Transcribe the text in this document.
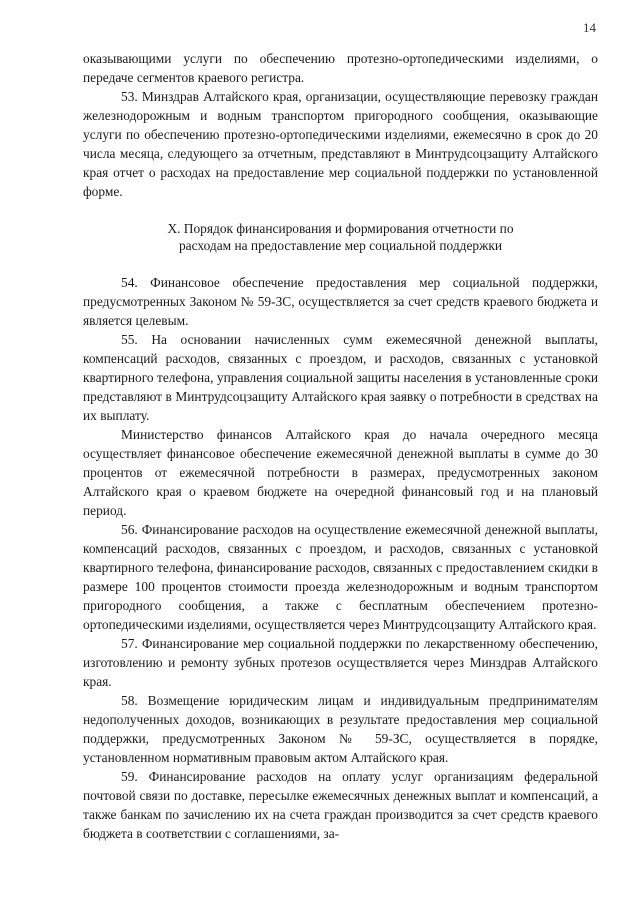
14

оказывающими услуги по обеспечению протезно-ортопедическими изделиями, о передаче сегментов краевого регистра.

53. Минздрав Алтайского края, организации, осуществляющие перевозку граждан железнодорожным и водным транспортом пригородного сообщения, оказывающие услуги по обеспечению протезно-ортопедическими изделиями, ежемесячно в срок до 20 числа месяца, следующего за отчетным, представляют в Минтрудсоцзащиту Алтайского края отчет о расходах на предоставление мер социальной поддержки по установленной форме.

X. Порядок финансирования и формирования отчетности по
расходам на предоставление мер социальной поддержки

54. Финансовое обеспечение предоставления мер социальной поддержки, предусмотренных Законом № 59-ЗС, осуществляется за счет средств краевого бюджета и является целевым.

55. На основании начисленных сумм ежемесячной денежной выплаты, компенсаций расходов, связанных с проездом, и расходов, связанных с установкой квартирного телефона, управления социальной защиты населения в установленные сроки представляют в Минтрудсоцзащиту Алтайского края заявку о потребности в средствах на их выплату.

Министерство финансов Алтайского края до начала очередного месяца осуществляет финансовое обеспечение ежемесячной денежной выплаты в сумме до 30 процентов от ежемесячной потребности в размерах, предусмотренных законом Алтайского края о краевом бюджете на очередной финансовый год и на плановый период.

56. Финансирование расходов на осуществление ежемесячной денежной выплаты, компенсаций расходов, связанных с проездом, и расходов, связанных с установкой квартирного телефона, финансирование расходов, связанных с предоставлением скидки в размере 100 процентов стоимости проезда железнодорожным и водным транспортом пригородного сообщения, а также с бесплатным обеспечением протезно-ортопедическими изделиями, осуществляется через Минтрудсоцзащиту Алтайского края.

57. Финансирование мер социальной поддержки по лекарственному обеспечению, изготовлению и ремонту зубных протезов осуществляется через Минздрав Алтайского края.

58. Возмещение юридическим лицам и индивидуальным предпринимателям недополученных доходов, возникающих в результате предоставления мер социальной поддержки, предусмотренных Законом № 59-ЗС, осуществляется в порядке, установленном нормативным правовым актом Алтайского края.

59. Финансирование расходов на оплату услуг организациям федеральной почтовой связи по доставке, пересылке ежемесячных денежных выплат и компенсаций, а также банкам по зачислению их на счета граждан производится за счет средств краевого бюджета в соответствии с соглашениями, за-
